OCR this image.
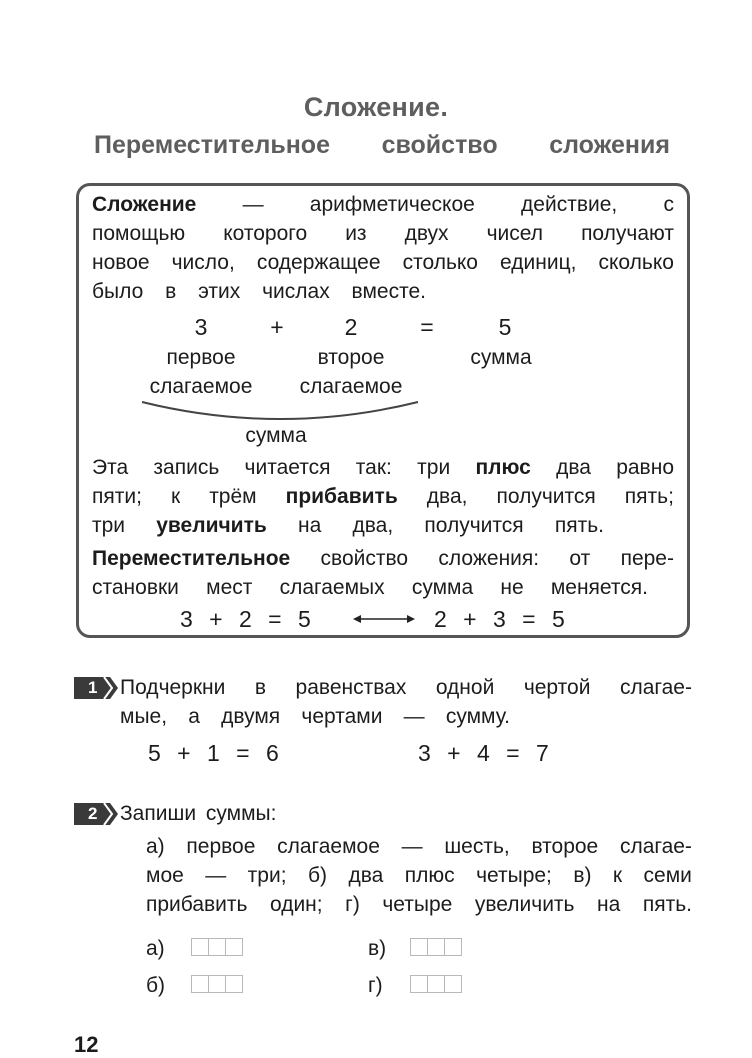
Сложение.
Переместительное свойство сложения
Сложение — арифметическое действие, с
помощью которого из двух чисел получают
новое число, содержащее столько единиц, сколько
было в этих числах вместе.
3	+	2	=	5
первое	второе	сумма
слагаемое	слагаемое
сумма
Эта запись читается так: три плюс два равно
пяти; к трём прибавить два, получится пять;
три увеличить на два, получится пять.
Переместительное свойство сложения: от пере-
становки мест слагаемых сумма не меняется.
3 + 2 = 5	2 + 3 = 5
1 Подчеркни в равенствах одной чертой слагае-
мые, а двумя чертами — сумму.
5 + 1 = 6	3 + 4 = 7
2 Запиши суммы:
а) первое слагаемое — шесть, второе слагае-
мое — три; б) два плюс четыре; в) к семи
прибавить один; г) четыре увеличить на пять.
а)	в)
б)	г)
12
